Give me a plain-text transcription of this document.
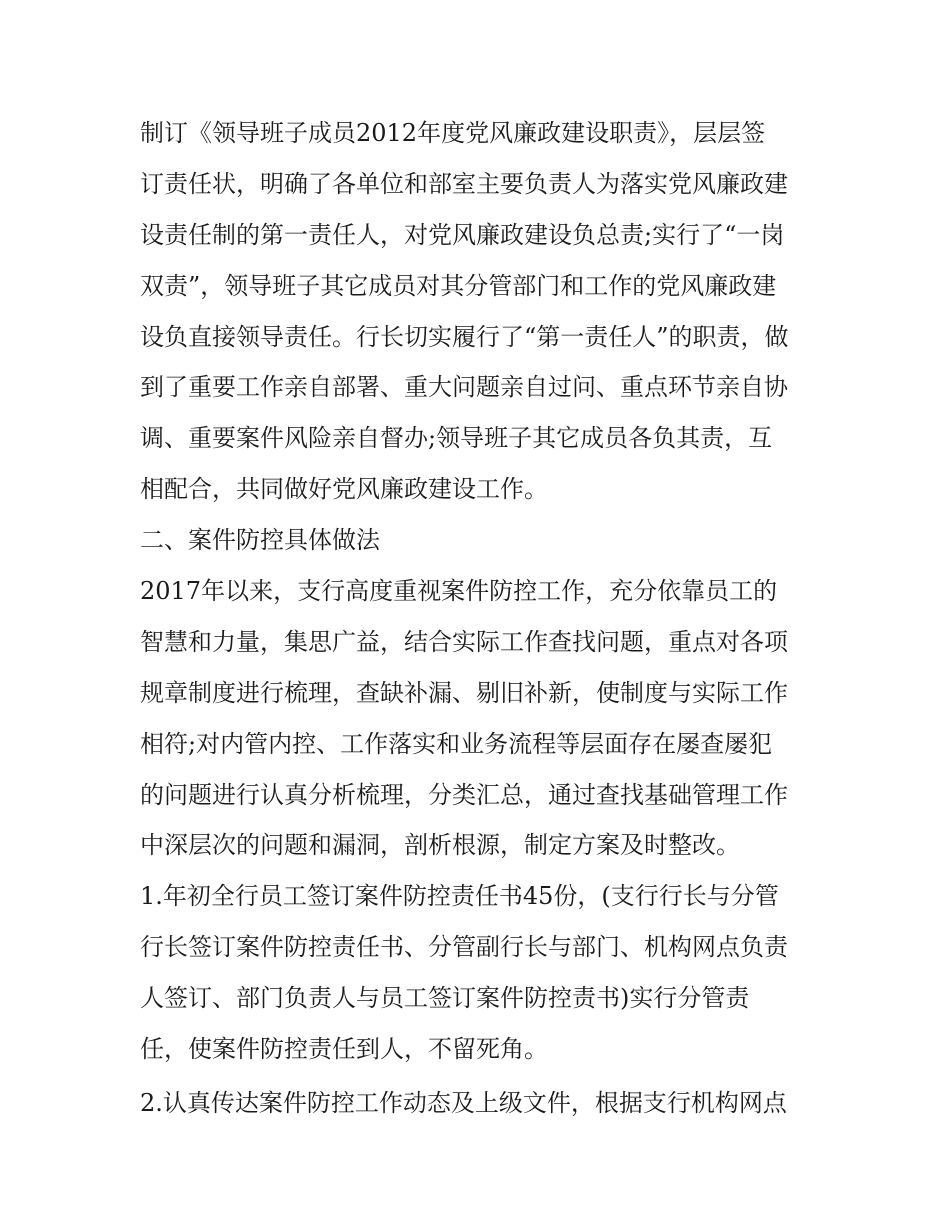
制订《领导班子成员2012年度党风廉政建设职责》，层层签
订责任状，明确了各单位和部室主要负责人为落实党风廉政建
设责任制的第一责任人，对党风廉政建设负总责;实行了“一岗
双责”，领导班子其它成员对其分管部门和工作的党风廉政建
设负直接领导责任。行长切实履行了“第一责任人”的职责，做
到了重要工作亲自部署、重大问题亲自过问、重点环节亲自协
调、重要案件风险亲自督办;领导班子其它成员各负其责，互
相配合，共同做好党风廉政建设工作。
二、案件防控具体做法
2017年以来，支行高度重视案件防控工作，充分依靠员工的
智慧和力量，集思广益，结合实际工作查找问题，重点对各项
规章制度进行梳理，查缺补漏、剔旧补新，使制度与实际工作
相符;对内管内控、工作落实和业务流程等层面存在屡查屡犯
的问题进行认真分析梳理，分类汇总，通过查找基础管理工作
中深层次的问题和漏洞，剖析根源，制定方案及时整改。
1.年初全行员工签订案件防控责任书45份，(支行行长与分管
行长签订案件防控责任书、分管副行长与部门、机构网点负责
人签订、部门负责人与员工签订案件防控责书)实行分管责
任，使案件防控责任到人，不留死角。
2.认真传达案件防控工作动态及上级文件，根据支行机构网点
